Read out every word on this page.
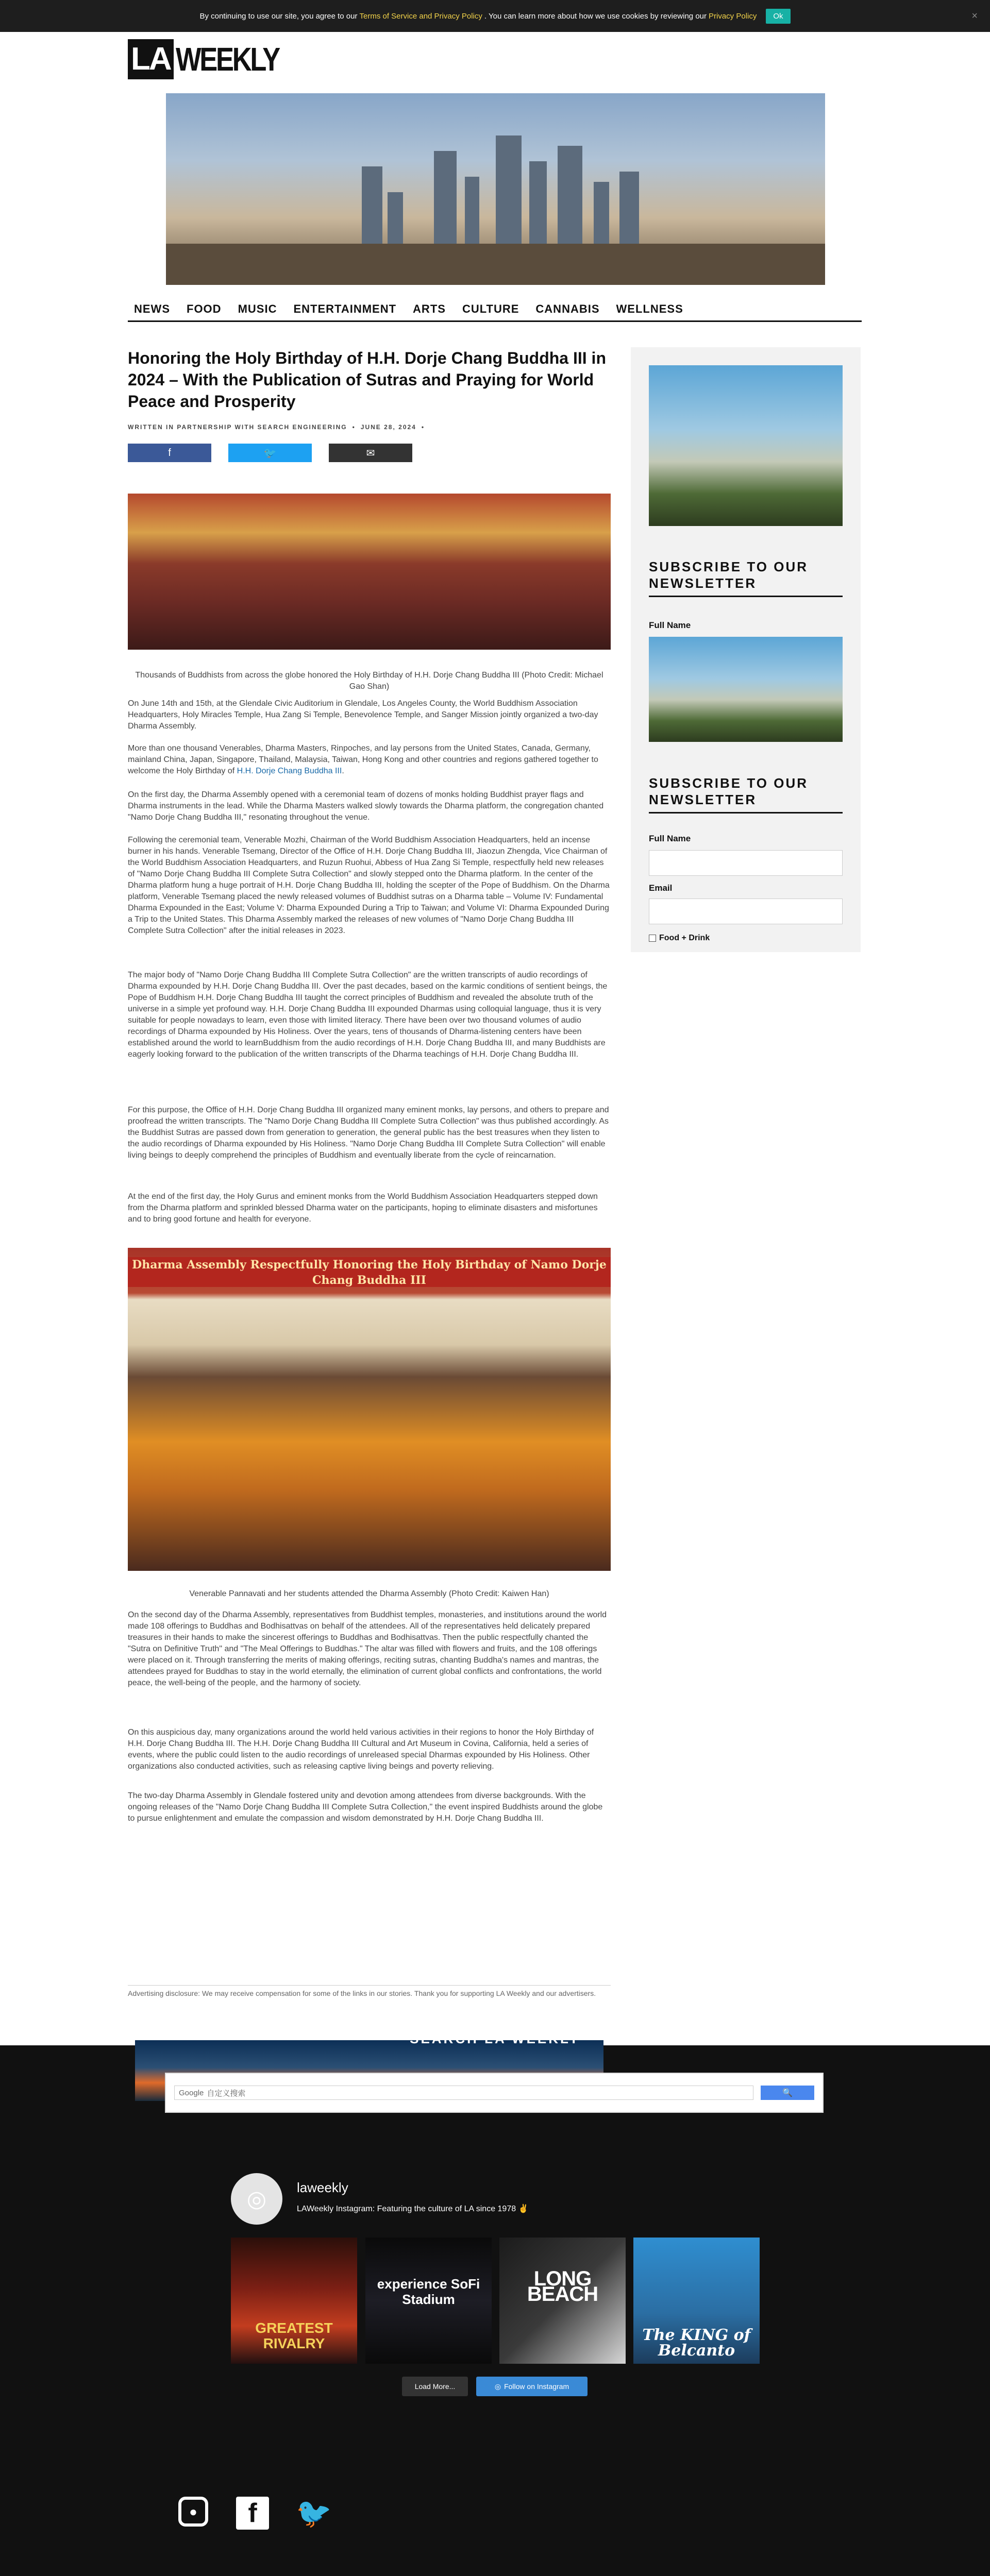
By continuing to use our site, you agree to our Terms of Service and Privacy Policy . You can learn more about how we use cookies by reviewing our Privacy Policy	Ok	×
LA WEEKLY
NEWS FOOD MUSIC ENTERTAINMENT ARTS CULTURE CANNABIS WELLNESS
Honoring the Holy Birthday of H.H. Dorje Chang Buddha III in 2024 – With the Publication of Sutras and Praying for World Peace and Prosperity
WRITTEN IN PARTNERSHIP WITH SEARCH ENGINEERING • JUNE 28, 2024 •
f	🐦	✉

Thousands of Buddhists from across the globe honored the Holy Birthday of H.H. Dorje Chang Buddha III (Photo Credit: Michael Gao Shan)

On June 14th and 15th, at the Glendale Civic Auditorium in Glendale, Los Angeles County, the World Buddhism Association Headquarters, Holy Miracles Temple, Hua Zang Si Temple, Benevolence Temple, and Sanger Mission jointly organized a two-day Dharma Assembly.

More than one thousand Venerables, Dharma Masters, Rinpoches, and lay persons from the United States, Canada, Germany, mainland China, Japan, Singapore, Thailand, Malaysia, Taiwan, Hong Kong and other countries and regions gathered together to welcome the Holy Birthday of H.H. Dorje Chang Buddha III.

On the first day, the Dharma Assembly opened with a ceremonial team of dozens of monks holding Buddhist prayer flags and Dharma instruments in the lead. While the Dharma Masters walked slowly towards the Dharma platform, the congregation chanted "Namo Dorje Chang Buddha III," resonating throughout the venue.

Following the ceremonial team, Venerable Mozhi, Chairman of the World Buddhism Association Headquarters, held an incense burner in his hands. Venerable Tsemang, Director of the Office of H.H. Dorje Chang Buddha III, Jiaozun Zhengda, Vice Chairman of the World Buddhism Association Headquarters, and Ruzun Ruohui, Abbess of Hua Zang Si Temple, respectfully held new releases of "Namo Dorje Chang Buddha III Complete Sutra Collection" and slowly stepped onto the Dharma platform. In the center of the Dharma platform hung a huge portrait of H.H. Dorje Chang Buddha III, holding the scepter of the Pope of Buddhism. On the Dharma platform, Venerable Tsemang placed the newly released volumes of Buddhist sutras on a Dharma table – Volume IV: Fundamental Dharma Expounded in the East; Volume V: Dharma Expounded During a Trip to Taiwan; and Volume VI: Dharma Expounded During a Trip to the United States. This Dharma Assembly marked the releases of new volumes of "Namo Dorje Chang Buddha III Complete Sutra Collection" after the initial releases in 2023.

The major body of "Namo Dorje Chang Buddha III Complete Sutra Collection" are the written transcripts of audio recordings of Dharma expounded by H.H. Dorje Chang Buddha III. Over the past decades, based on the karmic conditions of sentient beings, the Pope of Buddhism H.H. Dorje Chang Buddha III taught the correct principles of Buddhism and revealed the absolute truth of the universe in a simple yet profound way. H.H. Dorje Chang Buddha III expounded Dharmas using colloquial language, thus it is very suitable for people nowadays to learn, even those with limited literacy. There have been over two thousand volumes of audio recordings of Dharma expounded by His Holiness. Over the years, tens of thousands of Dharma-listening centers have been established around the world to learnBuddhism from the audio recordings of H.H. Dorje Chang Buddha III, and many Buddhists are eagerly looking forward to the publication of the written transcripts of the Dharma teachings of H.H. Dorje Chang Buddha III.

For this purpose, the Office of H.H. Dorje Chang Buddha III organized many eminent monks, lay persons, and others to prepare and proofread the written transcripts. The "Namo Dorje Chang Buddha III Complete Sutra Collection" was thus published accordingly. As the Buddhist Sutras are passed down from generation to generation, the general public has the best treasures when they listen to the audio recordings of Dharma expounded by His Holiness. "Namo Dorje Chang Buddha III Complete Sutra Collection" will enable living beings to deeply comprehend the principles of Buddhism and eventually liberate from the cycle of reincarnation.

At the end of the first day, the Holy Gurus and eminent monks from the World Buddhism Association Headquarters stepped down from the Dharma platform and sprinkled blessed Dharma water on the participants, hoping to eliminate disasters and misfortunes and to bring good fortune and health for everyone.

Dharma Assembly Respectfully Honoring the Holy Birthday of Namo Dorje Chang Buddha III

Venerable Pannavati and her students attended the Dharma Assembly (Photo Credit: Kaiwen Han)

On the second day of the Dharma Assembly, representatives from Buddhist temples, monasteries, and institutions around the world made 108 offerings to Buddhas and Bodhisattvas on behalf of the attendees. All of the representatives held delicately prepared treasures in their hands to make the sincerest offerings to Buddhas and Bodhisattvas. Then the public respectfully chanted the "Sutra on Definitive Truth" and "The Meal Offerings to Buddhas." The altar was filled with flowers and fruits, and the 108 offerings were placed on it. Through transferring the merits of making offerings, reciting sutras, chanting Buddha's names and mantras, the attendees prayed for Buddhas to stay in the world eternally, the elimination of current global conflicts and confrontations, the world peace, the well-being of the people, and the harmony of society.

On this auspicious day, many organizations around the world held various activities in their regions to honor the Holy Birthday of H.H. Dorje Chang Buddha III. The H.H. Dorje Chang Buddha III Cultural and Art Museum in Covina, California, held a series of events, where the public could listen to the audio recordings of unreleased special Dharmas expounded by His Holiness. Other organizations also conducted activities, such as releasing captive living beings and poverty relieving.

The two-day Dharma Assembly in Glendale fostered unity and devotion among attendees from diverse backgrounds. With the ongoing releases of the "Namo Dorje Chang Buddha III Complete Sutra Collection," the event inspired Buddhists around the globe to pursue enlightenment and emulate the compassion and wisdom demonstrated by H.H. Dorje Chang Buddha III.

SUBSCRIBE TO OUR NEWSLETTER
Full Name
SUBSCRIBE TO OUR NEWSLETTER
Full Name
Email
Food + Drink

Advertising disclosure: We may receive compensation for some of the links in our stories. Thank you for supporting LA Weekly and our advertisers.

SEARCH LA WEEKLY
Google 自定义搜索	🔍
◎ laweekly
LAWeekly Instagram: Featuring the culture of LA since 1978 ✌️
GREATEST RIVALRY
experience SoFi Stadium
LONG BEACH
The KING of Belcanto
Load More...	◎ Follow on Instagram
●	f	🐦
